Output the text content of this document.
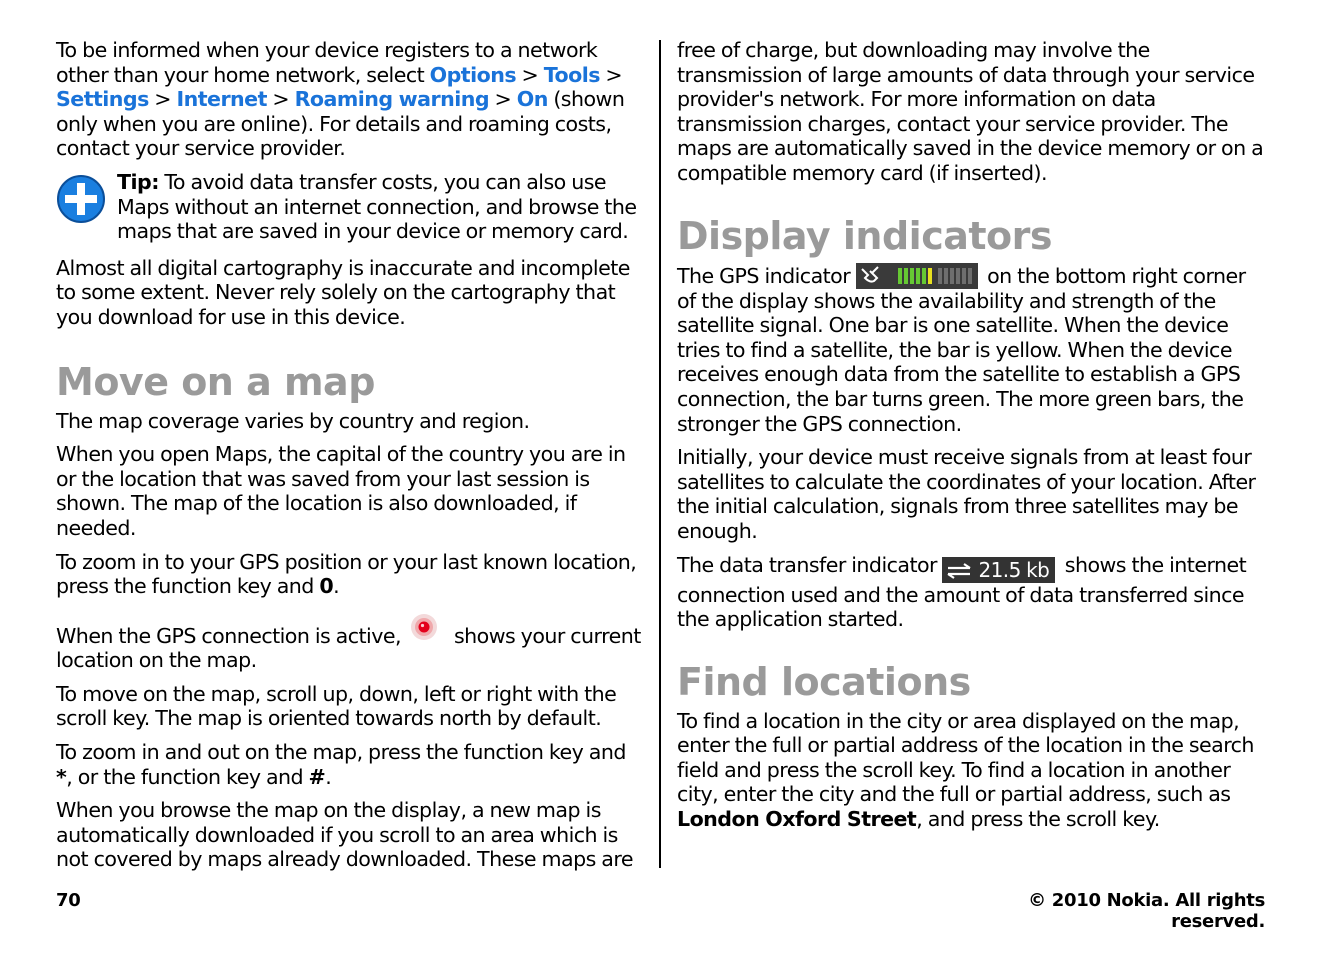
To be informed when your device registers to a network other than your home network, select Options > Tools > Settings > Internet > Roaming warning > On (shown only when you are online). For details and roaming costs, contact your service provider.

Tip: To avoid data transfer costs, you can also use Maps without an internet connection, and browse the maps that are saved in your device or memory card.

Almost all digital cartography is inaccurate and incomplete to some extent. Never rely solely on the cartography that you download for use in this device.

Move on a map

The map coverage varies by country and region.

When you open Maps, the capital of the country you are in or the location that was saved from your last session is shown. The map of the location is also downloaded, if needed.

To zoom in to your GPS position or your last known location, press the function key and 0.

When the GPS connection is active,  shows your current location on the map.

To move on the map, scroll up, down, left or right with the scroll key. The map is oriented towards north by default.

To zoom in and out on the map, press the function key and *, or the function key and #.

When you browse the map on the display, a new map is automatically downloaded if you scroll to an area which is not covered by maps already downloaded. These maps are

free of charge, but downloading may involve the transmission of large amounts of data through your service provider's network. For more information on data transmission charges, contact your service provider. The maps are automatically saved in the device memory or on a compatible memory card (if inserted).

Display indicators

The GPS indicator	on the bottom right corner of the display shows the availability and strength of the satellite signal. One bar is one satellite. When the device tries to find a satellite, the bar is yellow. When the device receives enough data from the satellite to establish a GPS connection, the bar turns green. The more green bars, the stronger the GPS connection.

Initially, your device must receive signals from at least four satellites to calculate the coordinates of your location. After the initial calculation, signals from three satellites may be enough.

The data transfer indicator 21.5 kb shows the internet connection used and the amount of data transferred since the application started.

Find locations

To find a location in the city or area displayed on the map, enter the full or partial address of the location in the search field and press the scroll key. To find a location in another city, enter the city and the full or partial address, such as London Oxford Street, and press the scroll key.

70	© 2010 Nokia. All rights reserved.
